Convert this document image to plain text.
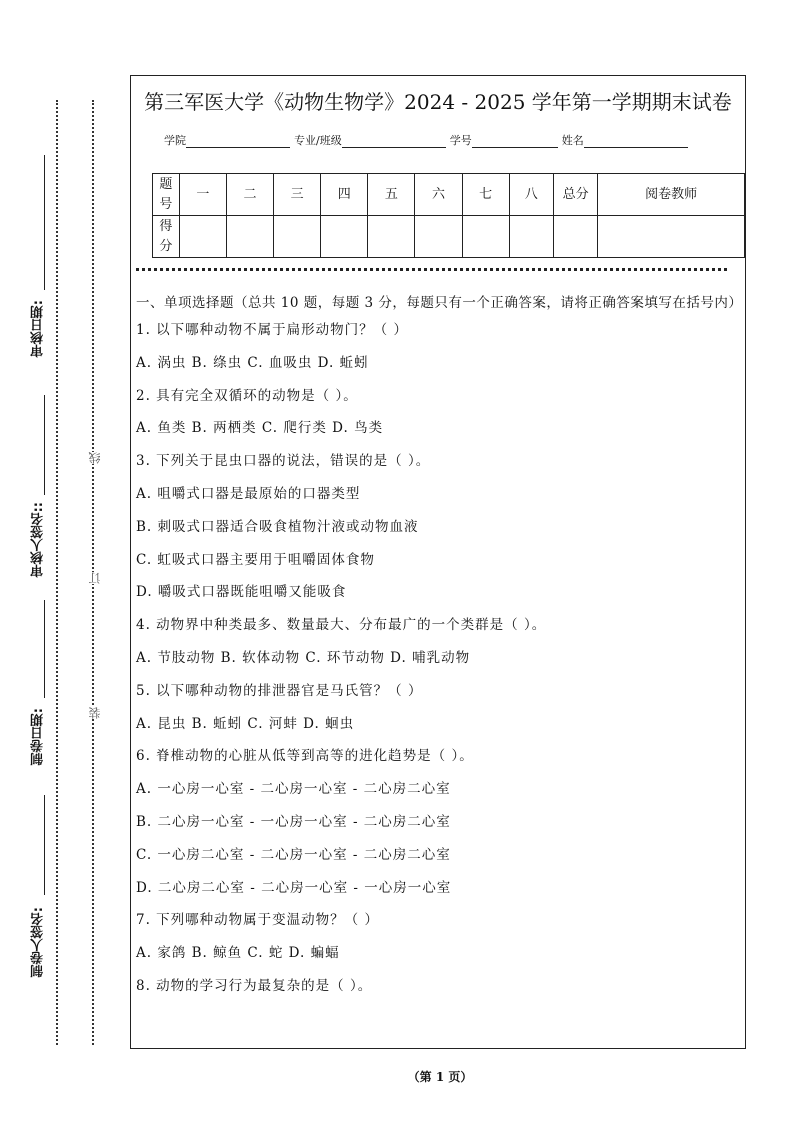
线
订
装
审核日期:
审核人签名::
制卷日期:
制卷人签名:
第三军医大学《动物生物学》2024 - 2025 学年第一学期期末试卷
学院	专业/班级	学号	姓名
题号	一	二	三	四	五	六	七	八	总分	阅卷教师
得分										
一、单项选择题（总共 10 题，每题 3 分，每题只有一个正确答案，请将正确答案填写在括号内）
1. 以下哪种动物不属于扁形动物门？（ ）
A. 涡虫 B. 绦虫 C. 血吸虫 D. 蚯蚓
2. 具有完全双循环的动物是（ ）。
A. 鱼类 B. 两栖类 C. 爬行类 D. 鸟类
3. 下列关于昆虫口器的说法，错误的是（ ）。
A. 咀嚼式口器是最原始的口器类型
B. 刺吸式口器适合吸食植物汁液或动物血液
C. 虹吸式口器主要用于咀嚼固体食物
D. 嚼吸式口器既能咀嚼又能吸食
4. 动物界中种类最多、数量最大、分布最广的一个类群是（ ）。
A. 节肢动物 B. 软体动物 C. 环节动物 D. 哺乳动物
5. 以下哪种动物的排泄器官是马氏管？（ ）
A. 昆虫 B. 蚯蚓 C. 河蚌 D. 蛔虫
6. 脊椎动物的心脏从低等到高等的进化趋势是（ ）。
A. 一心房一心室 - 二心房一心室 - 二心房二心室
B. 二心房一心室 - 一心房一心室 - 二心房二心室
C. 一心房二心室 - 二心房一心室 - 二心房二心室
D. 二心房二心室 - 二心房一心室 - 一心房一心室
7. 下列哪种动物属于变温动物？（ ）
A. 家鸽 B. 鲸鱼 C. 蛇 D. 蝙蝠
8. 动物的学习行为最复杂的是（ ）。
（第 1 页）
